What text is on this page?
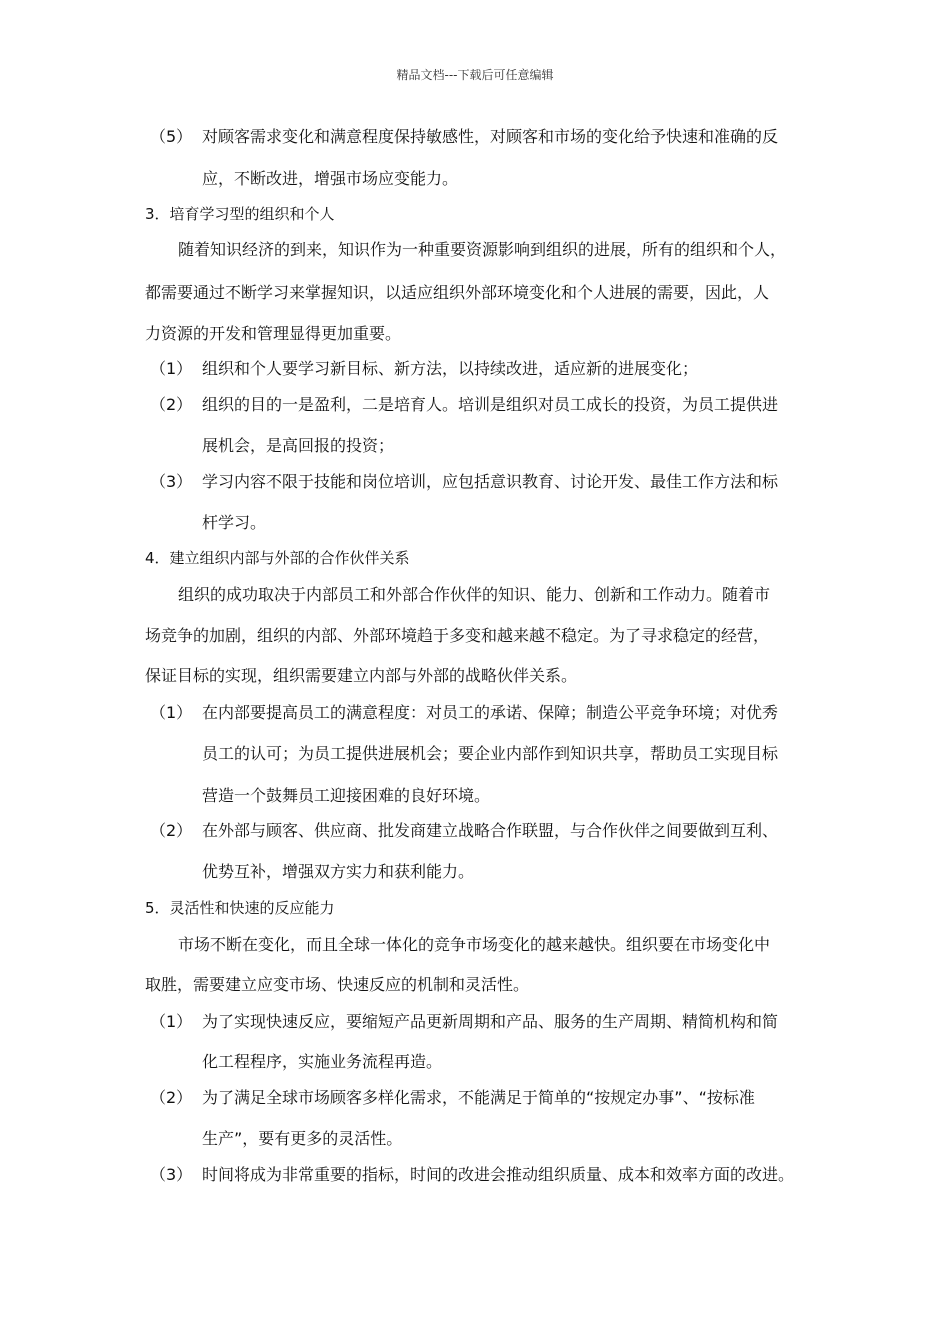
精品文档---下载后可任意编辑
（5） 对顾客需求变化和满意程度保持敏感性，对顾客和市场的变化给予快速和准确的反
应，不断改进，增强市场应变能力。
3．培育学习型的组织和个人
随着知识经济的到来，知识作为一种重要资源影响到组织的进展，所有的组织和个人，
都需要通过不断学习来掌握知识，以适应组织外部环境变化和个人进展的需要，因此，人
力资源的开发和管理显得更加重要。
（1） 组织和个人要学习新目标、新方法，以持续改进，适应新的进展变化；
（2） 组织的目的一是盈利，二是培育人。培训是组织对员工成长的投资，为员工提供进
展机会，是高回报的投资；
（3） 学习内容不限于技能和岗位培训，应包括意识教育、讨论开发、最佳工作方法和标
杆学习。
4．建立组织内部与外部的合作伙伴关系
组织的成功取决于内部员工和外部合作伙伴的知识、能力、创新和工作动力。随着市
场竞争的加剧，组织的内部、外部环境趋于多变和越来越不稳定。为了寻求稳定的经营，
保证目标的实现，组织需要建立内部与外部的战略伙伴关系。
（1） 在内部要提高员工的满意程度：对员工的承诺、保障；制造公平竞争环境；对优秀
员工的认可；为员工提供进展机会；要企业内部作到知识共享，帮助员工实现目标
营造一个鼓舞员工迎接困难的良好环境。
（2） 在外部与顾客、供应商、批发商建立战略合作联盟，与合作伙伴之间要做到互利、
优势互补，增强双方实力和获利能力。
5．灵活性和快速的反应能力
市场不断在变化，而且全球一体化的竞争市场变化的越来越快。组织要在市场变化中
取胜，需要建立应变市场、快速反应的机制和灵活性。
（1） 为了实现快速反应，要缩短产品更新周期和产品、服务的生产周期、精简机构和简
化工程程序，实施业务流程再造。
（2） 为了满足全球市场顾客多样化需求，不能满足于简单的“按规定办事”、“按标准
生产”，要有更多的灵活性。
（3） 时间将成为非常重要的指标，时间的改进会推动组织质量、成本和效率方面的改进。
